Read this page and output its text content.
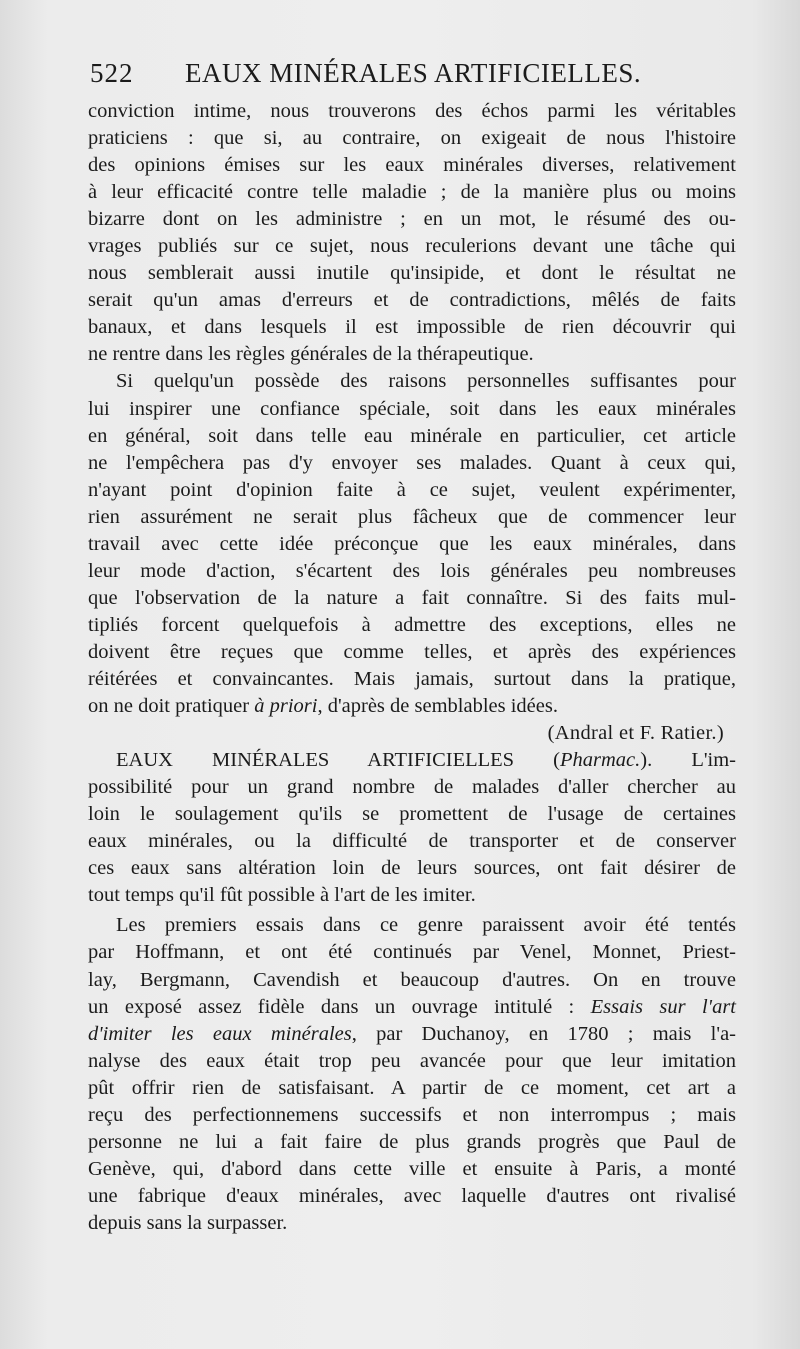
522 EAUX MINÉRALES ARTIFICIELLES.
conviction intime, nous trouverons des échos parmi les véritables
praticiens : que si, au contraire, on exigeait de nous l'histoire
des opinions émises sur les eaux minérales diverses, relativement
à leur efficacité contre telle maladie ; de la manière plus ou moins
bizarre dont on les administre ; en un mot, le résumé des ou-
vrages publiés sur ce sujet, nous reculerions devant une tâche qui
nous semblerait aussi inutile qu'insipide, et dont le résultat ne
serait qu'un amas d'erreurs et de contradictions, mêlés de faits
banaux, et dans lesquels il est impossible de rien découvrir qui
ne rentre dans les règles générales de la thérapeutique.
Si quelqu'un possède des raisons personnelles suffisantes pour
lui inspirer une confiance spéciale, soit dans les eaux minérales
en général, soit dans telle eau minérale en particulier, cet article
ne l'empêchera pas d'y envoyer ses malades. Quant à ceux qui,
n'ayant point d'opinion faite à ce sujet, veulent expérimenter,
rien assurément ne serait plus fâcheux que de commencer leur
travail avec cette idée préconçue que les eaux minérales, dans
leur mode d'action, s'écartent des lois générales peu nombreuses
que l'observation de la nature a fait connaître. Si des faits mul-
tipliés forcent quelquefois à admettre des exceptions, elles ne
doivent être reçues que comme telles, et après des expériences
réitérées et convaincantes. Mais jamais, surtout dans la pratique,
on ne doit pratiquer à priori, d'après de semblables idées.
(Andral et F. Ratier.)
EAUX MINÉRALES ARTIFICIELLES (Pharmac.). L'im-
possibilité pour un grand nombre de malades d'aller chercher au
loin le soulagement qu'ils se promettent de l'usage de certaines
eaux minérales, ou la difficulté de transporter et de conserver
ces eaux sans altération loin de leurs sources, ont fait désirer de
tout temps qu'il fût possible à l'art de les imiter.
Les premiers essais dans ce genre paraissent avoir été tentés
par Hoffmann, et ont été continués par Venel, Monnet, Priest-
lay, Bergmann, Cavendish et beaucoup d'autres. On en trouve
un exposé assez fidèle dans un ouvrage intitulé : Essais sur l'art
d'imiter les eaux minérales, par Duchanoy, en 1780 ; mais l'a-
nalyse des eaux était trop peu avancée pour que leur imitation
pût offrir rien de satisfaisant. A partir de ce moment, cet art a
reçu des perfectionnemens successifs et non interrompus ; mais
personne ne lui a fait faire de plus grands progrès que Paul de
Genève, qui, d'abord dans cette ville et ensuite à Paris, a monté
une fabrique d'eaux minérales, avec laquelle d'autres ont rivalisé
depuis sans la surpasser.
